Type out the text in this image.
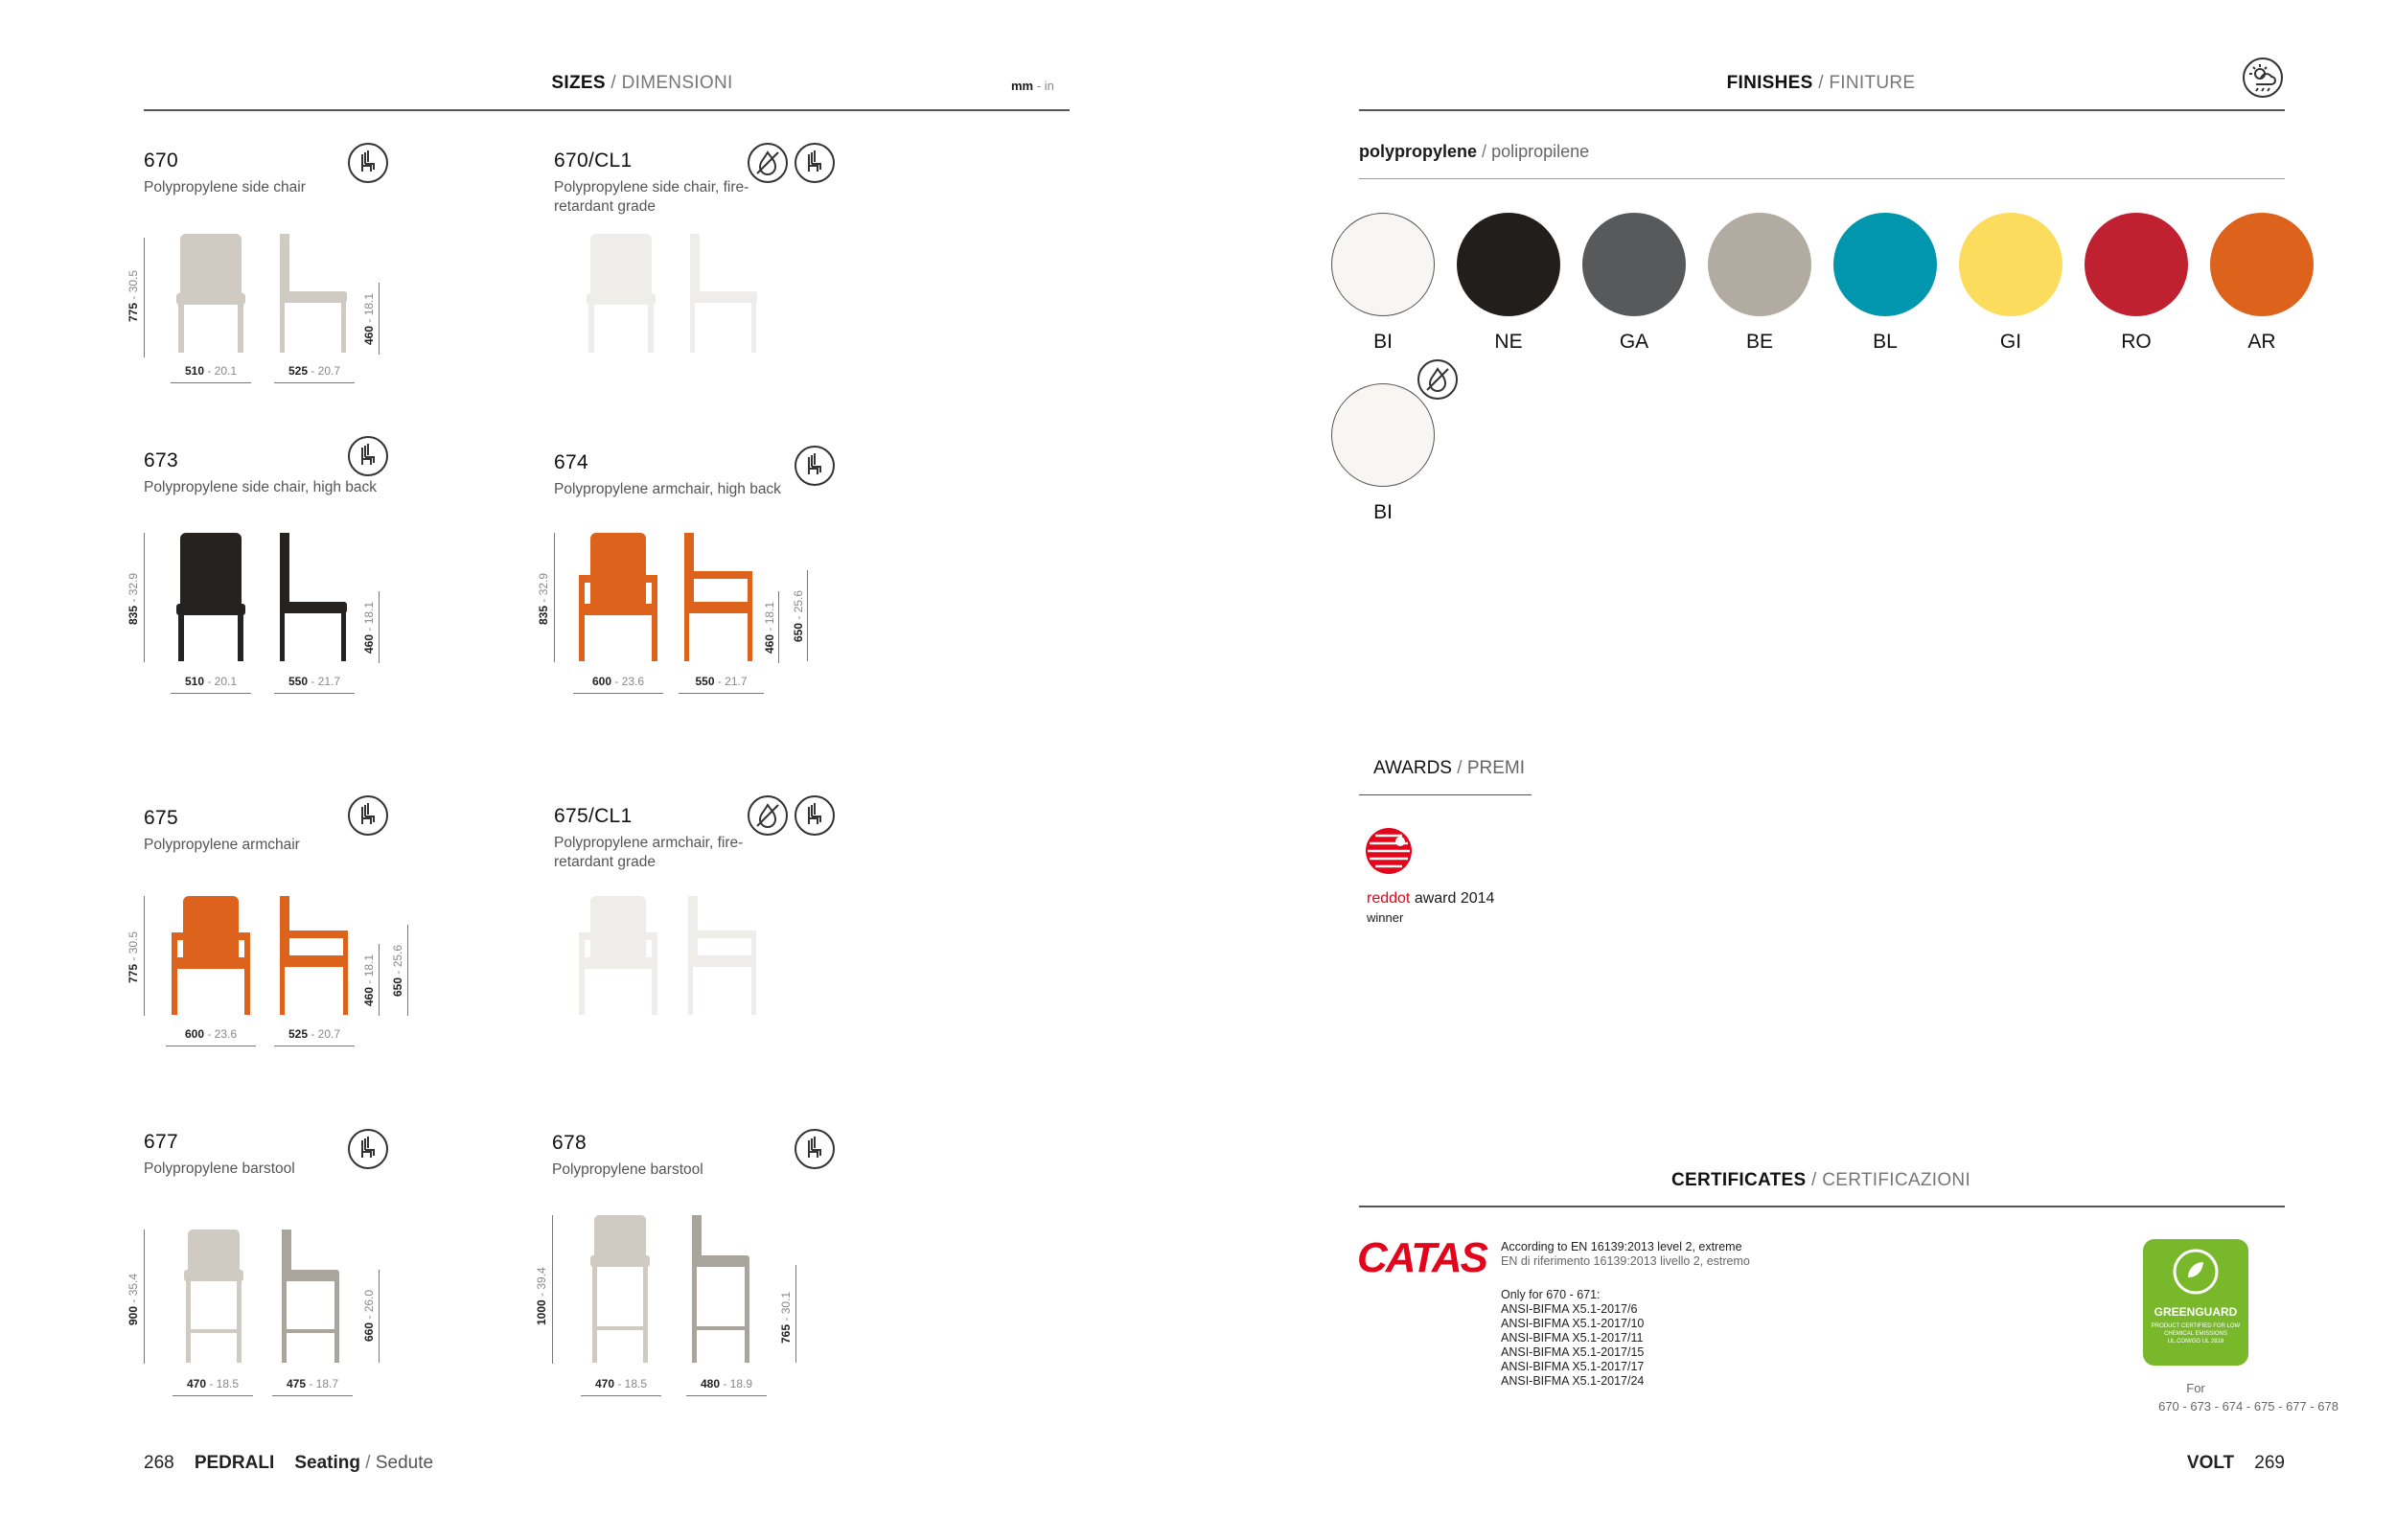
SIZES / DIMENSIONI	mm - in
670
Polypropylene side chair
775 - 30.5
460 - 18.1
510 - 20.1	525 - 20.7
670/CL1
Polypropylene side chair, fire-retardant grade
673
Polypropylene side chair, high back
835 - 32.9
460 - 18.1
510 - 20.1	550 - 21.7
674
Polypropylene armchair, high back
835 - 32.9
460 - 18.1
650 - 25.6
600 - 23.6	550 - 21.7
675
Polypropylene armchair
775 - 30.5
460 - 18.1
650 - 25.6
600 - 23.6	525 - 20.7
675/CL1
Polypropylene armchair, fire-retardant grade
677
Polypropylene barstool
900 - 35.4
660 - 26.0
470 - 18.5	475 - 18.7
678
Polypropylene barstool
1000 - 39.4
765 - 30.1
470 - 18.5	480 - 18.9
268 PEDRALI Seating / Sedute
FINISHES / FINITURE
polypropylene / polipropilene
BI	NE	GA	BE	BL	GI	RO	AR
BI
AWARDS / PREMI
reddot award 2014
winner
CERTIFICATES / CERTIFICAZIONI
CATAS According to EN 16139:2013 level 2, extreme
EN di riferimento 16139:2013 livello 2, estremo
Only for 670 - 671:
ANSI-BIFMA X5.1-2017/6
ANSI-BIFMA X5.1-2017/10
ANSI-BIFMA X5.1-2017/11
ANSI-BIFMA X5.1-2017/15
ANSI-BIFMA X5.1-2017/17
ANSI-BIFMA X5.1-2017/24
GREENGUARD
PRODUCT CERTIFIED FOR LOW CHEMICAL EMISSIONS UL.COM/GG UL 2818
For
670 - 673 - 674 - 675 - 677 - 678
VOLT 269
